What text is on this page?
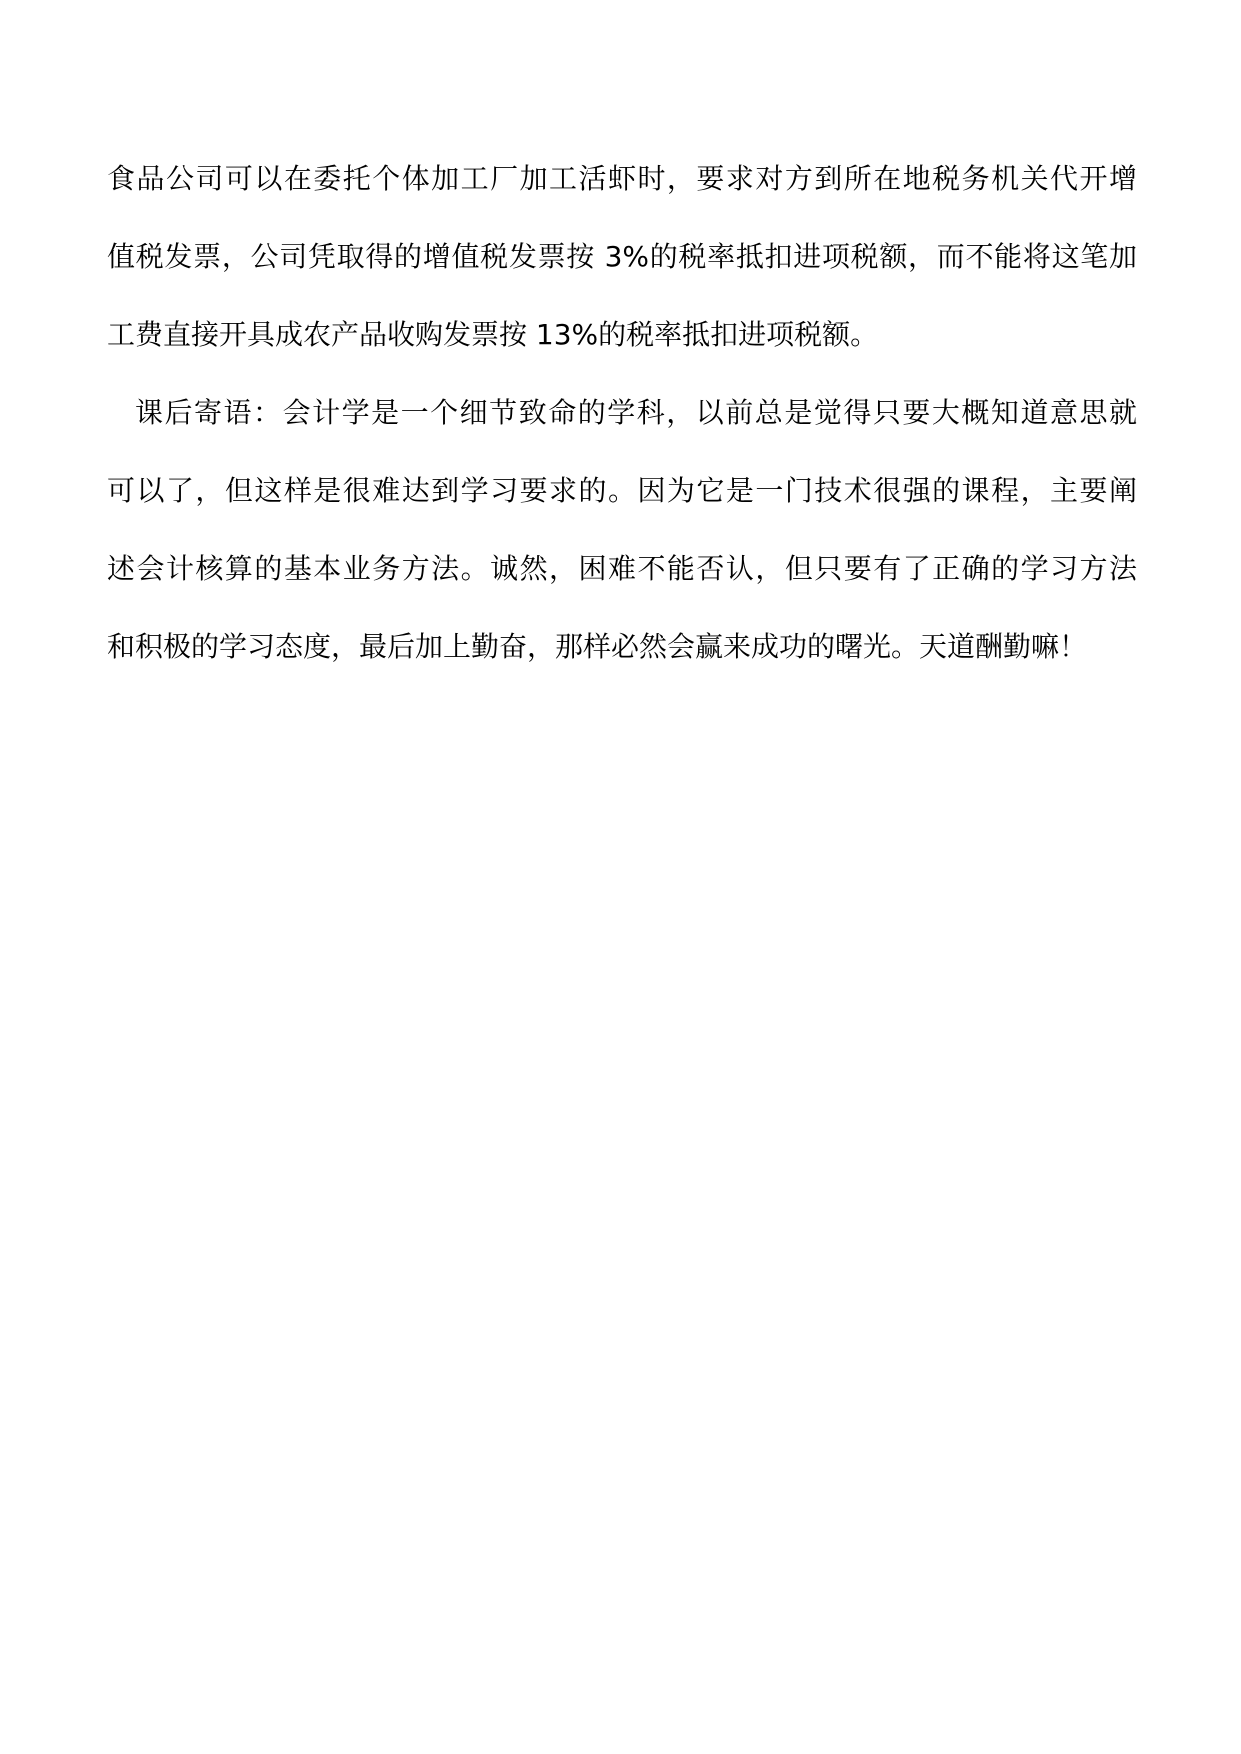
食品公司可以在委托个体加工厂加工活虾时，要求对方到所在地税务机关代开增
值税发票，公司凭取得的增值税发票按 3%的税率抵扣进项税额，而不能将这笔加
工费直接开具成农产品收购发票按 13%的税率抵扣进项税额。
课后寄语：会计学是一个细节致命的学科，以前总是觉得只要大概知道意思就
可以了，但这样是很难达到学习要求的。因为它是一门技术很强的课程，主要阐
述会计核算的基本业务方法。诚然，困难不能否认，但只要有了正确的学习方法
和积极的学习态度，最后加上勤奋，那样必然会赢来成功的曙光。天道酬勤嘛！
